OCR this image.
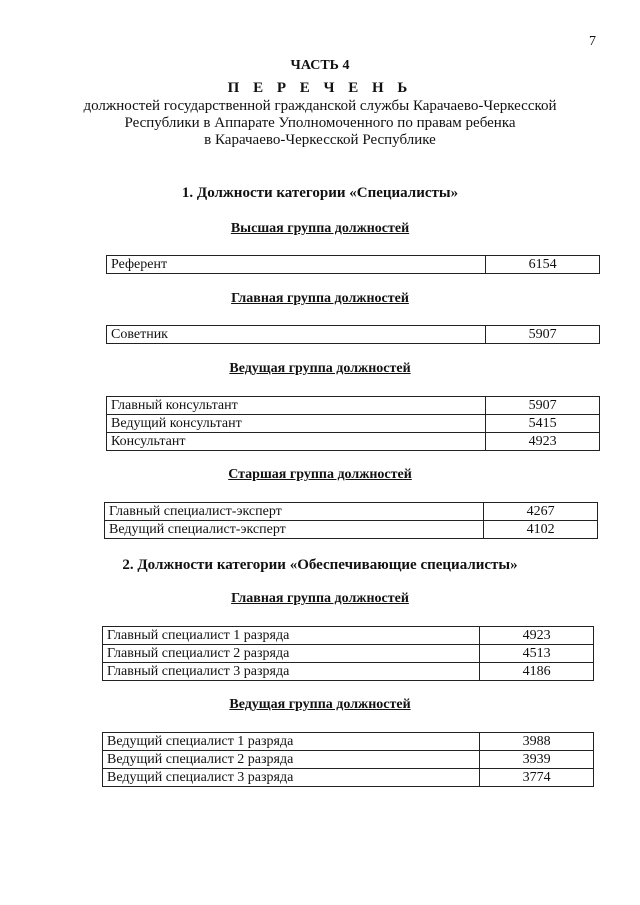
7
ЧАСТЬ 4
П Е Р Е Ч Е Н Ь
должностей государственной гражданской службы Карачаево-Черкесской
Республики в Аппарате Уполномоченного по правам ребенка
в Карачаево-Черкесской Республике
1. Должности категории «Специалисты»
Высшая группа должностей
Референт	6154
Главная группа должностей
Советник	5907
Ведущая группа должностей
Главный консультант	5907
Ведущий консультант	5415
Консультант	4923
Старшая группа должностей
Главный специалист-эксперт	4267
Ведущий специалист-эксперт	4102
2. Должности категории «Обеспечивающие специалисты»
Главная группа должностей
Главный специалист 1 разряда	4923
Главный специалист 2 разряда	4513
Главный специалист 3 разряда	4186
Ведущая группа должностей
Ведущий специалист 1 разряда	3988
Ведущий специалист 2 разряда	3939
Ведущий специалист 3 разряда	3774
